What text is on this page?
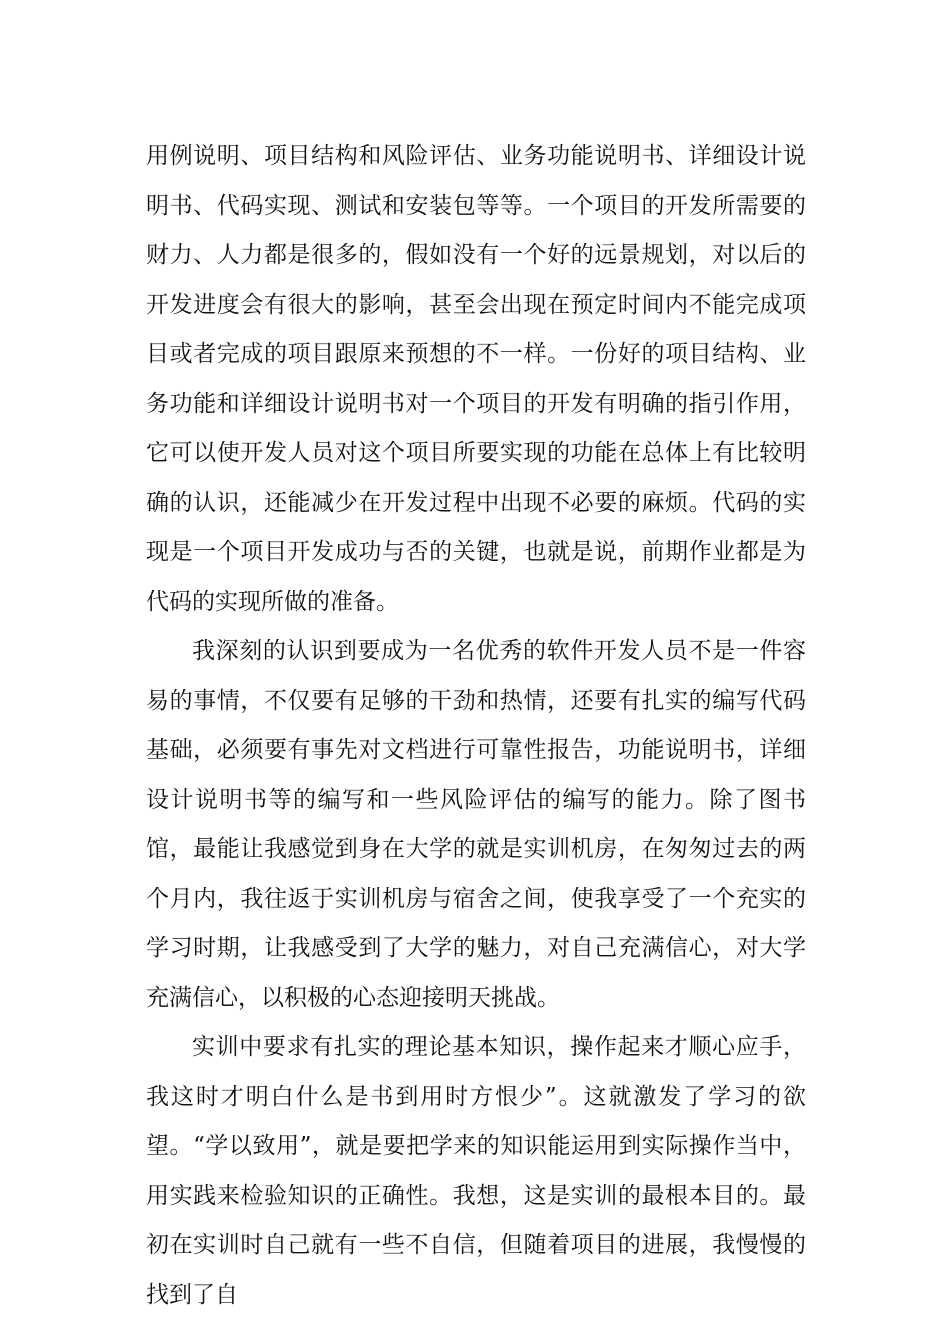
用例说明、项目结构和风险评估、业务功能说明书、详细设计说明书、代码实现、测试和安装包等等。一个项目的开发所需要的财力、人力都是很多的，假如没有一个好的远景规划，对以后的开发进度会有很大的影响，甚至会出现在预定时间内不能完成项目或者完成的项目跟原来预想的不一样。一份好的项目结构、业务功能和详细设计说明书对一个项目的开发有明确的指引作用，它可以使开发人员对这个项目所要实现的功能在总体上有比较明确的认识，还能减少在开发过程中出现不必要的麻烦。代码的实现是一个项目开发成功与否的关键，也就是说，前期作业都是为代码的实现所做的准备。

我深刻的认识到要成为一名优秀的软件开发人员不是一件容易的事情，不仅要有足够的干劲和热情，还要有扎实的编写代码基础，必须要有事先对文档进行可靠性报告，功能说明书，详细设计说明书等的编写和一些风险评估的编写的能力。除了图书馆，最能让我感觉到身在大学的就是实训机房，在匆匆过去的两个月内，我往返于实训机房与宿舍之间，使我享受了一个充实的学习时期，让我感受到了大学的魅力，对自己充满信心，对大学充满信心，以积极的心态迎接明天挑战。

实训中要求有扎实的理论基本知识，操作起来才顺心应手，我这时才明白什么是书到用时方恨少”。这就激发了学习的欲望。“学以致用”，就是要把学来的知识能运用到实际操作当中，用实践来检验知识的正确性。我想，这是实训的最根本目的。最初在实训时自己就有一些不自信，但随着项目的进展，我慢慢的找到了自
